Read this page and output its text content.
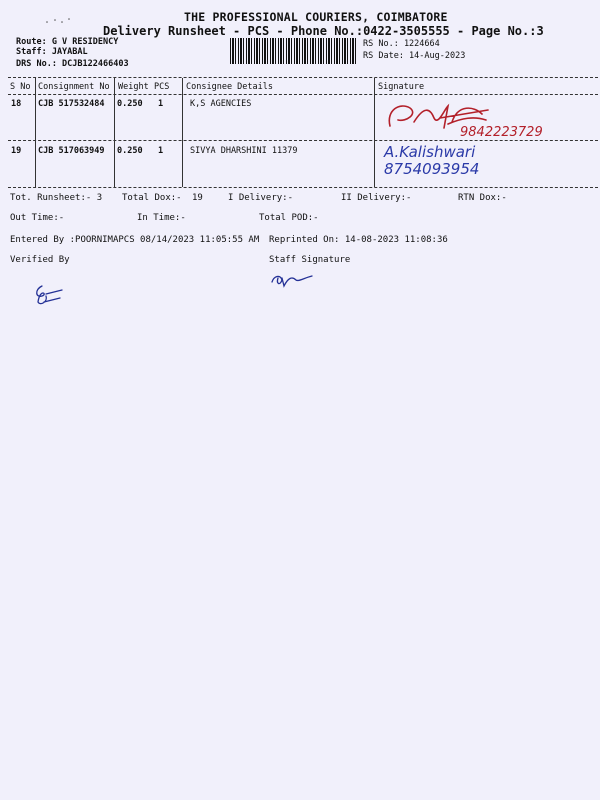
THE PROFESSIONAL COURIERS, COIMBATORE
Delivery Runsheet - PCS - Phone No.:0422-3505555 - Page No.:3
Route: G V RESIDENCY
Staff: JAYABAL
DRS No.: DCJB122466403
RS No.: 1224664
RS Date: 14-Aug-2023
S No Consignment No Weight PCS Consignee Details	Signature
18 CJB 517532484 0.250 1	K,S AGENCIES
9842223729
19 CJB 517063949 0.250 1	SIVYA DHARSHINI 11379	A.Kalishwari 8754093954
Tot. Runsheet:- 3 Total Dox:- 19	I Delivery:-	II Delivery:-	RTN Dox:-
Out Time:-	In Time:-	Total POD:-
Entered By :POORNIMAPCS 08/14/2023 11:05:55 AM Reprinted On: 14-08-2023 11:08:36
Verified By	Staff Signature
